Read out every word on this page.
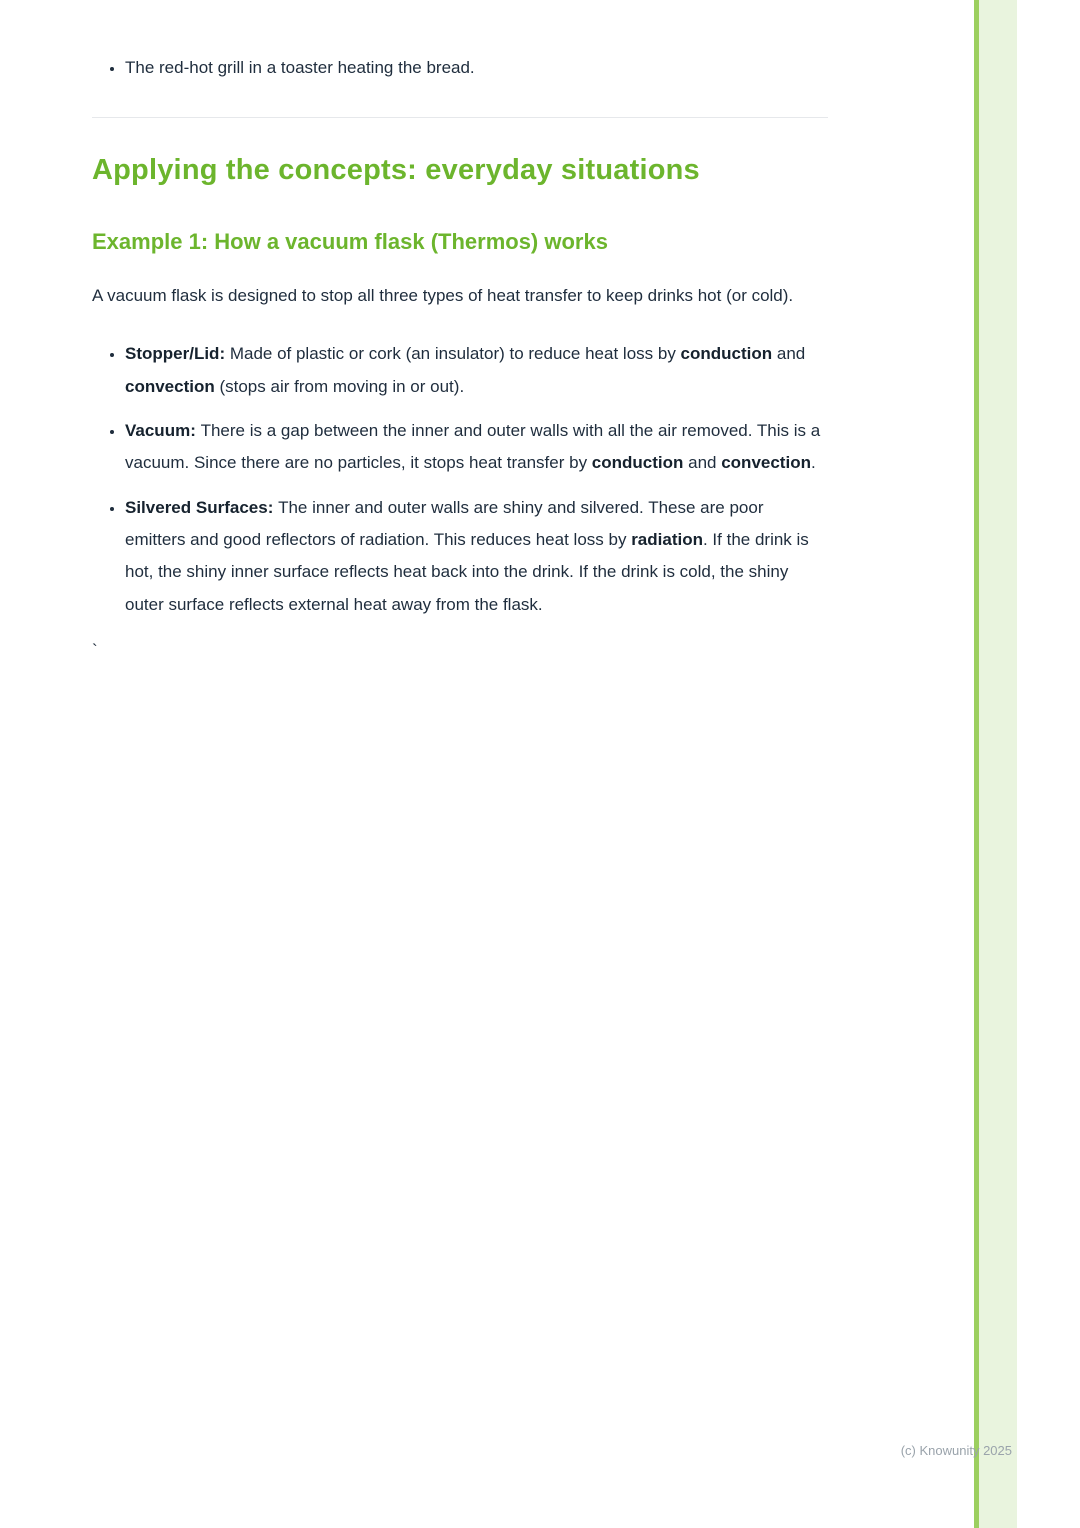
• The red-hot grill in a toaster heating the bread.
Applying the concepts: everyday situations
Example 1: How a vacuum flask (Thermos) works

A vacuum flask is designed to stop all three types of heat transfer to keep drinks hot (or cold).

• Stopper/Lid: Made of plastic or cork (an insulator) to reduce heat loss by conduction and convection (stops air from moving in or out).
• Vacuum: There is a gap between the inner and outer walls with all the air removed. This is a vacuum. Since there are no particles, it stops heat transfer by conduction and convection.
• Silvered Surfaces: The inner and outer walls are shiny and silvered. These are poor emitters and good reflectors of radiation. This reduces heat loss by radiation. If the drink is hot, the shiny inner surface reflects heat back into the drink. If the drink is cold, the shiny outer surface reflects external heat away from the flask.
`
(c) Knowunity 2025
